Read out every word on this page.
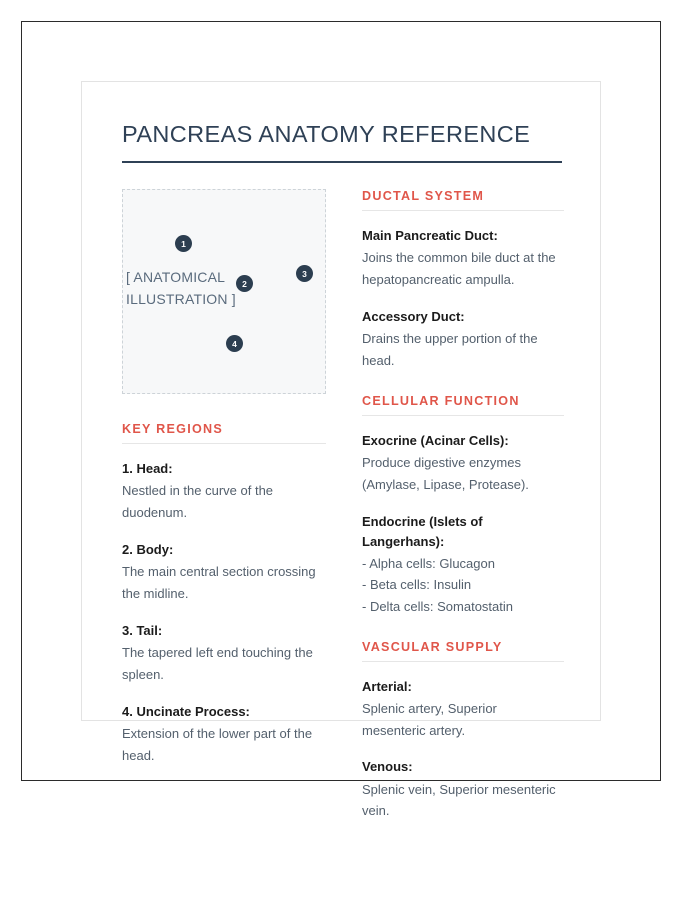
PANCREAS ANATOMY REFERENCE
[ ANATOMICAL ILLUSTRATION ]
1
2
3
4
KEY REGIONS
1. Head:

Nestled in the curve of the duodenum.

2. Body:

The main central section crossing the midline.

3. Tail:

The tapered left end touching the spleen.

4. Uncinate Process:

Extension of the lower part of the head.

DUCTAL SYSTEM
Main Pancreatic Duct:

Joins the common bile duct at the hepatopancreatic ampulla.

Accessory Duct:

Drains the upper portion of the head.

CELLULAR FUNCTION
Exocrine (Acinar Cells):

Produce digestive enzymes (Amylase, Lipase, Protease).

Endocrine (Islets of Langerhans):
- Alpha cells: Glucagon
- Beta cells: Insulin
- Delta cells: Somatostatin
VASCULAR SUPPLY
Arterial:

Splenic artery, Superior mesenteric artery.

Venous:

Splenic vein, Superior mesenteric vein.
